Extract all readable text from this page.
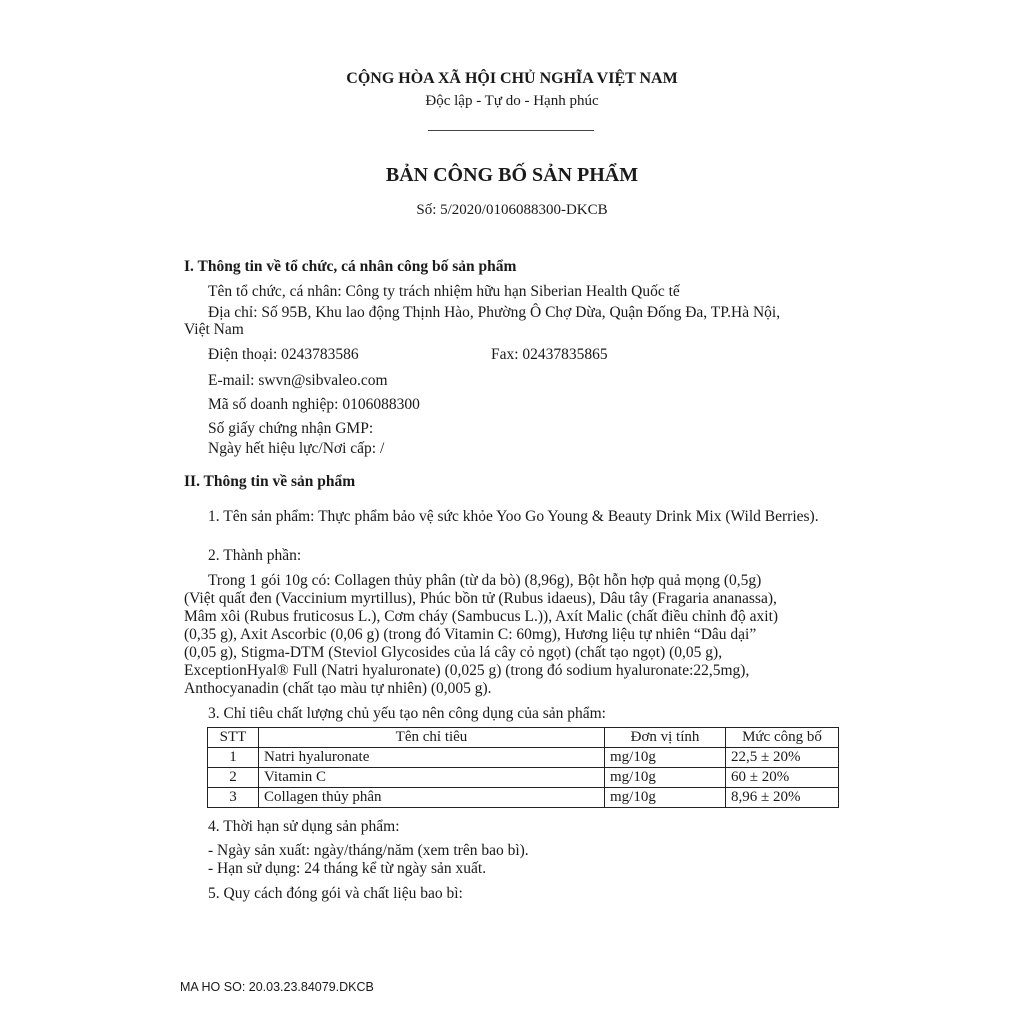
CỘNG HÒA XÃ HỘI CHỦ NGHĨA VIỆT NAM
Độc lập - Tự do - Hạnh phúc
BẢN CÔNG BỐ SẢN PHẨM
Số: 5/2020/0106088300-DKCB
I. Thông tin về tổ chức, cá nhân công bố sản phẩm
Tên tổ chức, cá nhân: Công ty trách nhiệm hữu hạn Siberian Health Quốc tế
Địa chỉ: Số 95B, Khu lao động Thịnh Hào, Phường Ô Chợ Dừa, Quận Đống Đa, TP.Hà Nội,
Việt Nam
Điện thoại: 0243783586	Fax: 02437835865
E-mail: swvn@sibvaleo.com
Mã số doanh nghiệp: 0106088300
Số giấy chứng nhận GMP:
Ngày hết hiệu lực/Nơi cấp: /
II. Thông tin về sản phẩm
1. Tên sản phẩm: Thực phẩm bảo vệ sức khỏe Yoo Go Young & Beauty Drink Mix (Wild Berries).
2. Thành phần:
Trong 1 gói 10g có: Collagen thủy phân (từ da bò) (8,96g), Bột hỗn hợp quả mọng (0,5g)
(Việt quất đen (Vaccinium myrtillus), Phúc bồn tử (Rubus idaeus), Dâu tây (Fragaria ananassa),
Mâm xôi (Rubus fruticosus L.), Cơm cháy (Sambucus L.)), Axít Malic (chất điều chỉnh độ axit)
(0,35 g), Axit Ascorbic (0,06 g) (trong đó Vitamin C: 60mg), Hương liệu tự nhiên “Dâu dại”
(0,05 g), Stigma-DTM (Steviol Glycosides của lá cây cỏ ngọt) (chất tạo ngọt) (0,05 g),
ExceptionHyal® Full (Natri hyaluronate) (0,025 g) (trong đó sodium hyaluronate:22,5mg),
Anthocyanadin (chất tạo màu tự nhiên) (0,005 g).
3. Chỉ tiêu chất lượng chủ yếu tạo nên công dụng của sản phẩm:
STT	Tên chỉ tiêu	Đơn vị tính	Mức công bố
1	Natri hyaluronate	mg/10g	22,5 ± 20%
2	Vitamin C	mg/10g	60 ± 20%
3	Collagen thủy phân	mg/10g	8,96 ± 20%
4. Thời hạn sử dụng sản phẩm:
- Ngày sản xuất: ngày/tháng/năm (xem trên bao bì).
- Hạn sử dụng: 24 tháng kể từ ngày sản xuất.
5. Quy cách đóng gói và chất liệu bao bì:
MA HO SO: 20.03.23.84079.DKCB
